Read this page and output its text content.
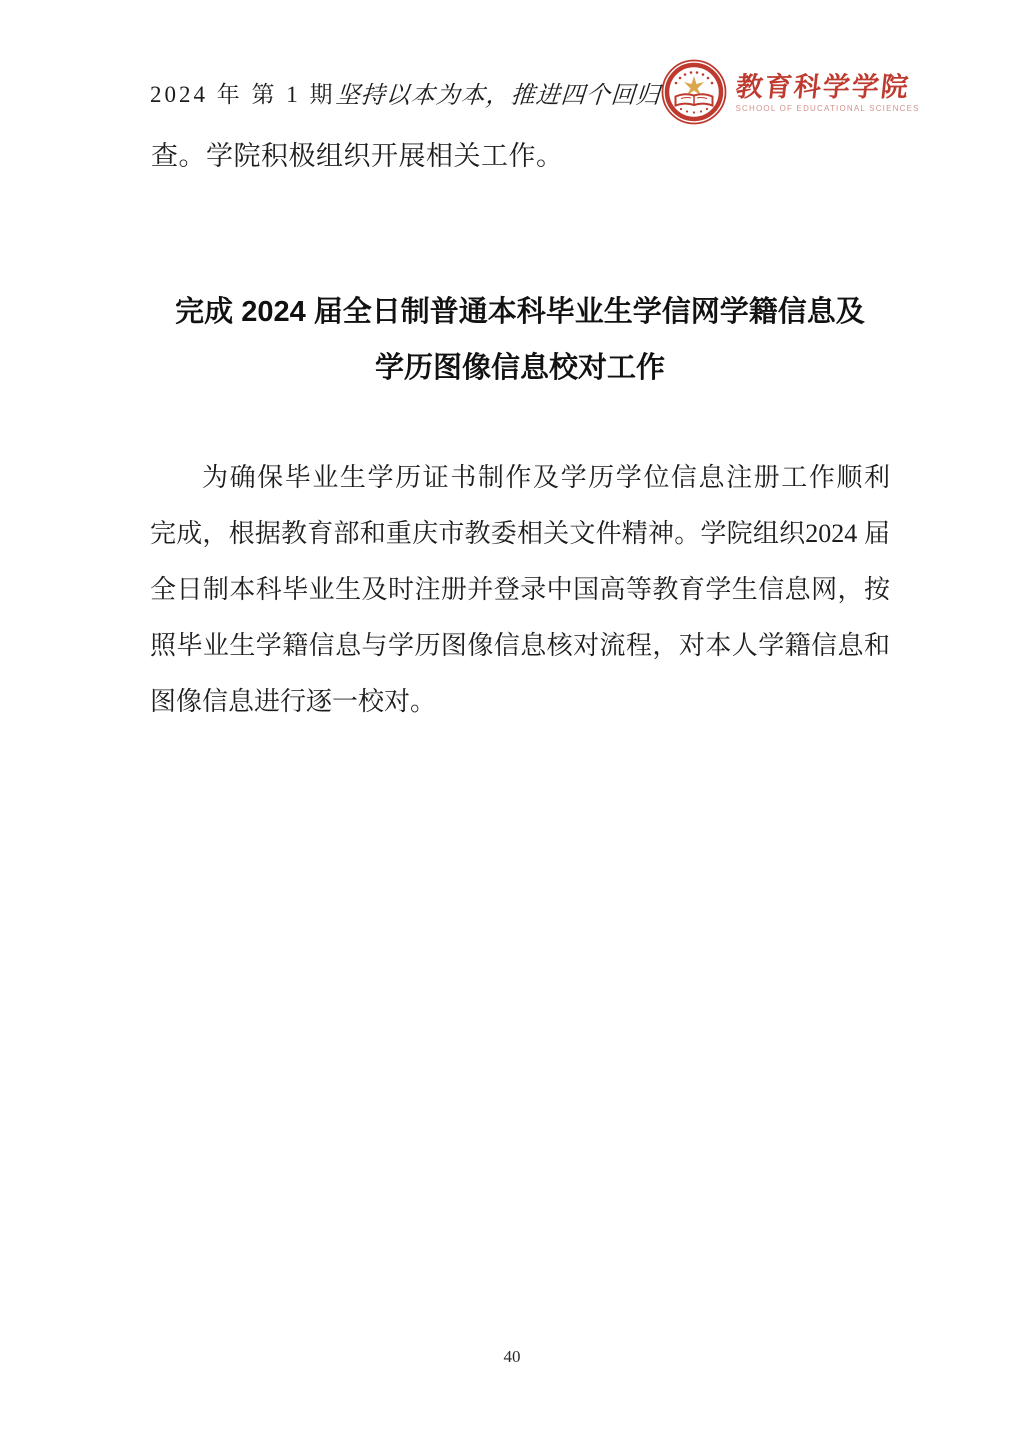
2024 年 第 1 期
坚持以本为本，推进四个回归	教育科学学院
SCHOOL OF EDUCATIONAL SCIENCES
查。学院积极组织开展相关工作。
完成 2024 届全日制普通本科毕业生学信网学籍信息及
学历图像信息校对工作
为确保毕业生学历证书制作及学历学位信息注册工作顺利
完成，根据教育部和重庆市教委相关文件精神。学院组织2024 届
全日制本科毕业生及时注册并登录中国高等教育学生信息网，按
照毕业生学籍信息与学历图像信息核对流程，对本人学籍信息和
图像信息进行逐一校对。
40
